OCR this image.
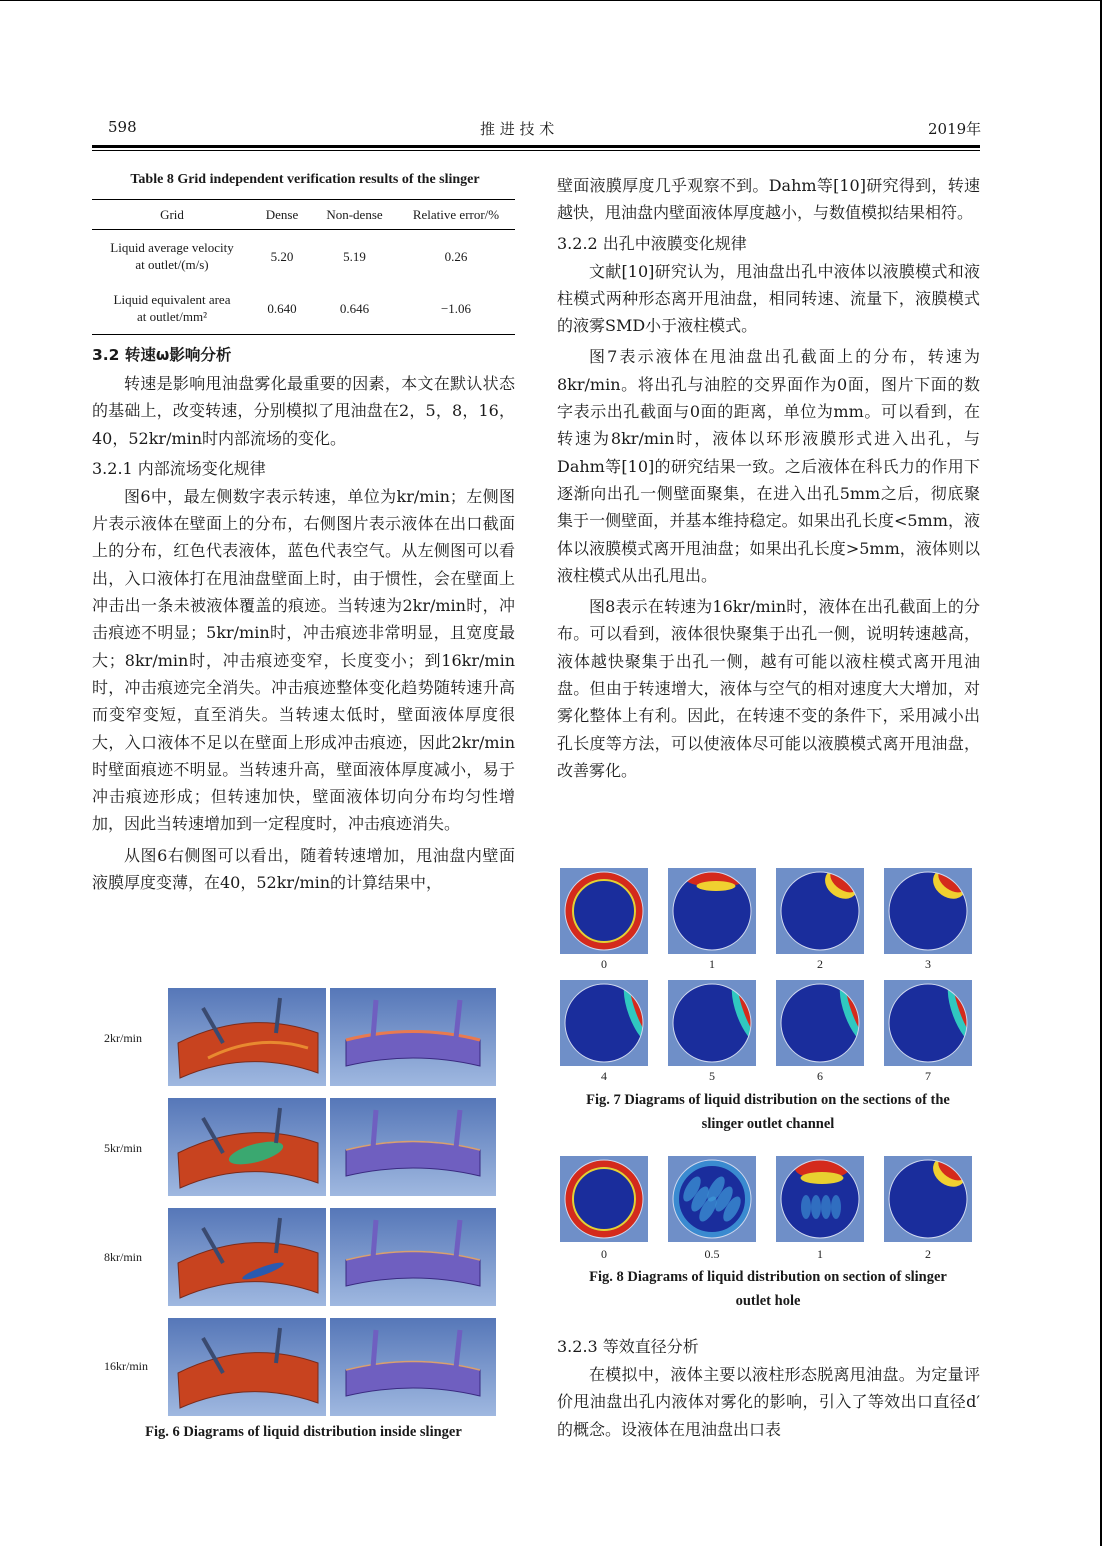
598	推 进 技 术	2019年
Table 8 Grid independent verification results of the slinger
Grid	Dense	Non-dense	Relative error/%
Liquid average velocity
at outlet/(m/s)	5.20	5.19	0.26
Liquid equivalent area
at outlet/mm²	0.640	0.646	−1.06
3.2 转速ω影响分析

转速是影响甩油盘雾化最重要的因素，本文在默认状态的基础上，改变转速，分别模拟了甩油盘在2，5，8，16，40，52kr/min时内部流场的变化。

3.2.1 内部流场变化规律

图6中，最左侧数字表示转速，单位为kr/min；左侧图片表示液体在壁面上的分布，右侧图片表示液体在出口截面上的分布，红色代表液体，蓝色代表空气。从左侧图可以看出，入口液体打在甩油盘壁面上时，由于惯性，会在壁面上冲击出一条未被液体覆盖的痕迹。当转速为2kr/min时，冲击痕迹不明显；5kr/min时，冲击痕迹非常明显，且宽度最大；8kr/min时，冲击痕迹变窄，长度变小；到16kr/min时，冲击痕迹完全消失。冲击痕迹整体变化趋势随转速升高而变窄变短，直至消失。当转速太低时，壁面液体厚度很大，入口液体不足以在壁面上形成冲击痕迹，因此2kr/min时壁面痕迹不明显。当转速升高，壁面液体厚度减小，易于冲击痕迹形成；但转速加快，壁面液体切向分布均匀性增加，因此当转速增加到一定程度时，冲击痕迹消失。

从图6右侧图可以看出，随着转速增加，甩油盘内壁面液膜厚度变薄，在40，52kr/min的计算结果中，

2kr/min
5kr/min
8kr/min
16kr/min
Fig. 6 Diagrams of liquid distribution inside slinger

壁面液膜厚度几乎观察不到。Dahm等[10]研究得到，转速越快，甩油盘内壁面液体厚度越小，与数值模拟结果相符。

3.2.2 出孔中液膜变化规律

文献[10]研究认为，甩油盘出孔中液体以液膜模式和液柱模式两种形态离开甩油盘，相同转速、流量下，液膜模式的液雾SMD小于液柱模式。

图7表示液体在甩油盘出孔截面上的分布，转速为8kr/min。将出孔与油腔的交界面作为0面，图片下面的数字表示出孔截面与0面的距离，单位为mm。可以看到，在转速为8kr/min时，液体以环形液膜形式进入出孔，与Dahm等[10]的研究结果一致。之后液体在科氏力的作用下逐渐向出孔一侧壁面聚集，在进入出孔5mm之后，彻底聚集于一侧壁面，并基本维持稳定。如果出孔长度<5mm，液体以液膜模式离开甩油盘；如果出孔长度>5mm，液体则以液柱模式从出孔甩出。

图8表示在转速为16kr/min时，液体在出孔截面上的分布。可以看到，液体很快聚集于出孔一侧，说明转速越高，液体越快聚集于出孔一侧，越有可能以液柱模式离开甩油盘。但由于转速增大，液体与空气的相对速度大大增加，对雾化整体上有利。因此，在转速不变的条件下，采用减小出孔长度等方法，可以使液体尽可能以液膜模式离开甩油盘，改善雾化。

0	1	2	3
4	5	6	7
Fig. 7 Diagrams of liquid distribution on the sections of the
slinger outlet channel
0	0.5	1	2
Fig. 8 Diagrams of liquid distribution on section of slinger
outlet hole
3.2.3 等效直径分析

在模拟中，液体主要以液柱形态脱离甩油盘。为定量评价甩油盘出孔内液体对雾化的影响，引入了等效出口直径d′的概念。设液体在甩油盘出口表
